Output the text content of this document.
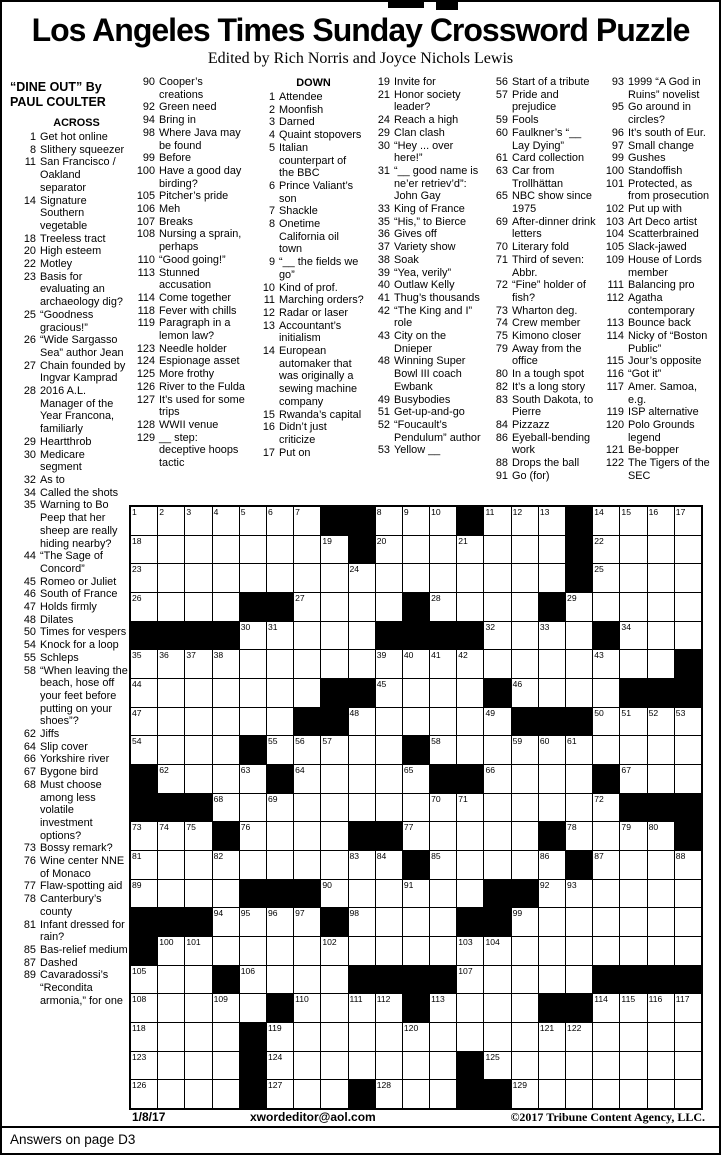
Los Angeles Times Sunday Crossword Puzzle
Edited by Rich Norris and Joyce Nichols Lewis
“DINE OUT” By
PAUL COULTER
ACROSS
1 Get hot online
8 Slithery squeezer
11 San Francisco / Oakland separator
14 Signature Southern vegetable
18 Treeless tract
20 High esteem
22 Motley
23 Basis for evaluating an archaeology dig?
25 “Goodness gracious!”
26 “Wide Sargasso Sea” author Jean
27 Chain founded by Ingvar Kamprad
28 2016 A.L. Manager of the Year Francona, familiarly
29 Heartthrob
30 Medicare segment
32 As to
34 Called the shots
35 Warning to Bo Peep that her sheep are really hiding nearby?
44 “The Sage of Concord”
45 Romeo or Juliet
46 South of France
47 Holds firmly
48 Dilates
50 Times for vespers
54 Knock for a loop
55 Schleps
58 “When leaving the beach, hose off your feet before putting on your shoes”?
62 Jiffs
64 Slip cover
66 Yorkshire river
67 Bygone bird
68 Must choose among less volatile investment options?
73 Bossy remark?
76 Wine center NNE of Monaco
77 Flaw-spotting aid
78 Canterbury’s county
81 Infant dressed for rain?
85 Bas-relief medium
87 Dashed
89 Cavaradossi’s “Recondita armonia,” for one
90 Cooper’s creations
92 Green need
94 Bring in
98 Where Java may be found
99 Before
100 Have a good day birding?
105 Pitcher’s pride
106 Meh
107 Breaks
108 Nursing a sprain, perhaps
110 “Good going!”
113 Stunned accusation
114 Come together
118 Fever with chills
119 Paragraph in a lemon law?
123 Needle holder
124 Espionage asset
125 More frothy
126 River to the Fulda
127 It’s used for some trips
128 WWII venue
129 __ step: deceptive hoops tactic
DOWN
1 Attendee
2 Moonfish
3 Darned
4 Quaint stopovers
5 Italian counterpart of the BBC
6 Prince Valiant’s son
7 Shackle
8 Onetime California oil town
9 “__ the fields we go”
10 Kind of prof.
11 Marching orders?
12 Radar or laser
13 Accountant’s initialism
14 European automaker that was originally a sewing machine company
15 Rwanda’s capital
16 Didn’t just criticize
17 Put on
19 Invite for
21 Honor society leader?
24 Reach a high
29 Clan clash
30 “Hey ... over here!”
31 “__ good name is ne’er retriev’d”: John Gay
33 King of France
35 “His,” to Bierce
36 Gives off
37 Variety show
38 Soak
39 “Yea, verily”
40 Outlaw Kelly
41 Thug’s thousands
42 “The King and I” role
43 City on the Dnieper
48 Winning Super Bowl III coach Ewbank
49 Busybodies
51 Get-up-and-go
52 “Foucault’s Pendulum” author
53 Yellow __
56 Start of a tribute
57 Pride and prejudice
59 Fools
60 Faulkner’s “__ Lay Dying”
61 Card collection
63 Car from Trollhättan
65 NBC show since 1975
69 After-dinner drink letters
70 Literary fold
71 Third of seven: Abbr.
72 “Fine” holder of fish?
73 Wharton deg.
74 Crew member
75 Kimono closer
79 Away from the office
80 In a tough spot
82 It’s a long story
83 South Dakota, to Pierre
84 Pizzazz
86 Eyeball-bending work
88 Drops the ball
91 Go (for)
93 1999 “A God in Ruins” novelist
95 Go around in circles?
96 It’s south of Eur.
97 Small change
99 Gushes
100 Standoffish
101 Protected, as from prosecution
102 Put up with
103 Art Deco artist
104 Scatterbrained
105 Slack-jawed
109 House of Lords member
111 Balancing pro
112 Agatha contemporary
113 Bounce back
114 Nicky of “Boston Public”
115 Jour’s opposite
116 “Got it”
117 Amer. Samoa, e.g.
119 ISP alternative
120 Polo Grounds legend
121 Be-bopper
122 The Tigers of the SEC
1	2	3	4	5	6	7	8	9	10	11 12 13	14 15 16 17
18	19	20	21	22
23	24	25
26	27	28	29
30 31	32	33	34
35 36 37 38	39 40 41 42	43
44	45	46
47	48	49	50 51 52 53
54	55 56 57	58	59 60 61
62	63	64	65	66	67
68	69	70 71	72
73 74 75	76	77	78	79 80
81	82	83 84	85	86	87	88
89	90	91	92 93
94 95 96 97	98	99
100 101	102	103 104
105	106	107
108	109	110	111 112	113	114 115 116 117
118	119	120	121 122
123	124	125
126	127	128	129
1/8/17	xwordeditor@aol.com	©2017 Tribune Content Agency, LLC.
Answers on page D3
